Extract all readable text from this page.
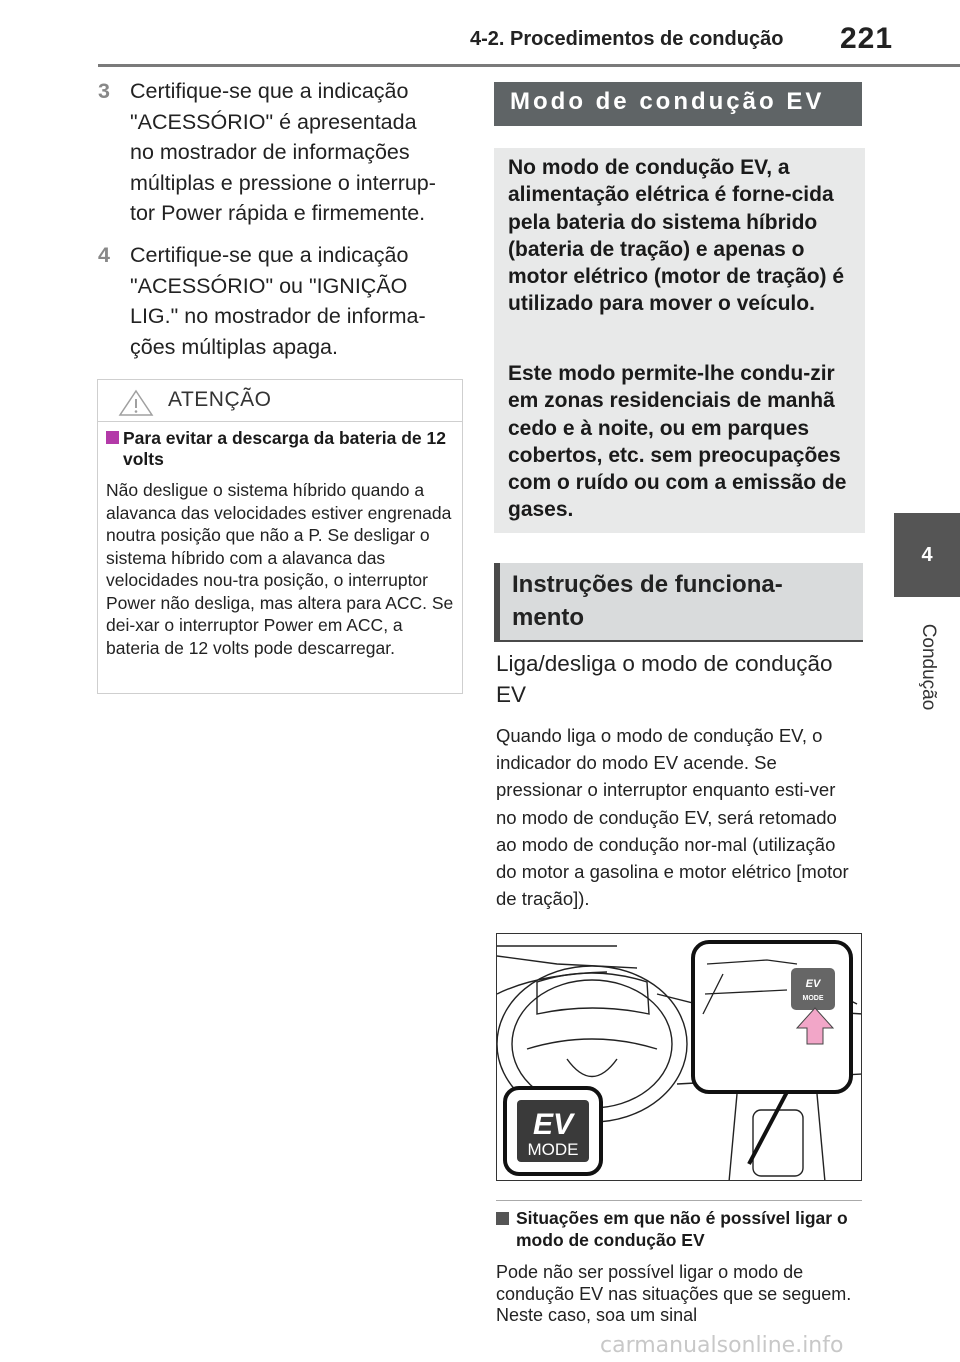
4-2. Procedimentos de condução 221
4
Condução
3 Certifique-se que a indicação
"ACESSÓRIO" é apresentada
no mostrador de informações
múltiplas e pressione o interrup-
tor Power rápida e firmemente.
4 Certifique-se que a indicação
"ACESSÓRIO" ou "IGNIÇÃO
LIG." no mostrador de informa-
ções múltiplas apaga.
ATENÇÃO
Para evitar a descarga da bateria de 12 volts
Não desligue o sistema híbrido quando a alavanca das velocidades estiver engrenada noutra posição que não a P. Se desligar o sistema híbrido com a alavanca das velocidades nou-tra posição, o interruptor Power não desliga, mas altera para ACC. Se dei-xar o interruptor Power em ACC, a bateria de 12 volts pode descarregar.
Modo de condução EV
No modo de condução EV, a alimentação elétrica é forne-cida pela bateria do sistema híbrido (bateria de tração) e apenas o motor elétrico (motor de tração) é utilizado para mover o veículo.
Este modo permite-lhe condu-zir em zonas residenciais de manhã cedo e à noite, ou em parques cobertos, etc. sem preocupações com o ruído ou com a emissão de gases.
Instruções de funciona-mento
Liga/desliga o modo de condução EV
Quando liga o modo de condução EV, o indicador do modo EV acende. Se pressionar o interruptor enquanto esti-ver no modo de condução EV, será retomado ao modo de condução nor-mal (utilização do motor a gasolina e motor elétrico [motor de tração]).
EV
MODE
EV
MODE
Situações em que não é possível ligar o modo de condução EV
Pode não ser possível ligar o modo de condução EV nas situações que se seguem. Neste caso, soa um sinal
carmanualsonline.info
